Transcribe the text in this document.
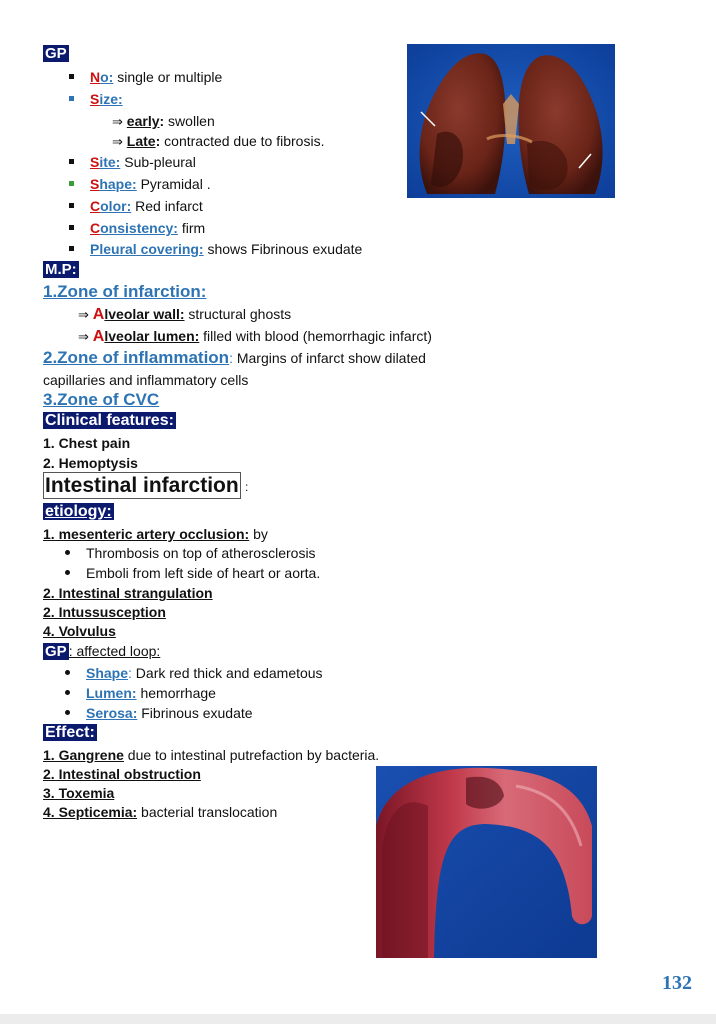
GP
No: single or multiple
Size:
⇒ early: swollen
⇒ Late: contracted due to fibrosis.
Site: Sub-pleural
Shape: Pyramidal .
Color: Red infarct
Consistency: firm
Pleural covering: shows Fibrinous exudate
M.P:
1.Zone of infarction:
⇒ Alveolar wall: structural ghosts
⇒ Alveolar lumen: filled with blood (hemorrhagic infarct)
2.Zone of inflammation: Margins of infarct show dilated
capillaries and inflammatory cells
3.Zone of CVC
Clinical features:
1. Chest pain
2. Hemoptysis
Intestinal infarction :
etiology:
1. mesenteric artery occlusion: by
Thrombosis on top of atherosclerosis
Emboli from left side of heart or aorta.
2. Intestinal strangulation
2. Intussusception
4. Volvulus
GP : affected loop:
Shape: Dark red thick and edametous
Lumen: hemorrhage
Serosa: Fibrinous exudate
Effect:
1. Gangrene due to intestinal putrefaction by bacteria.
2. Intestinal obstruction
3. Toxemia
4. Septicemia: bacterial translocation
132
